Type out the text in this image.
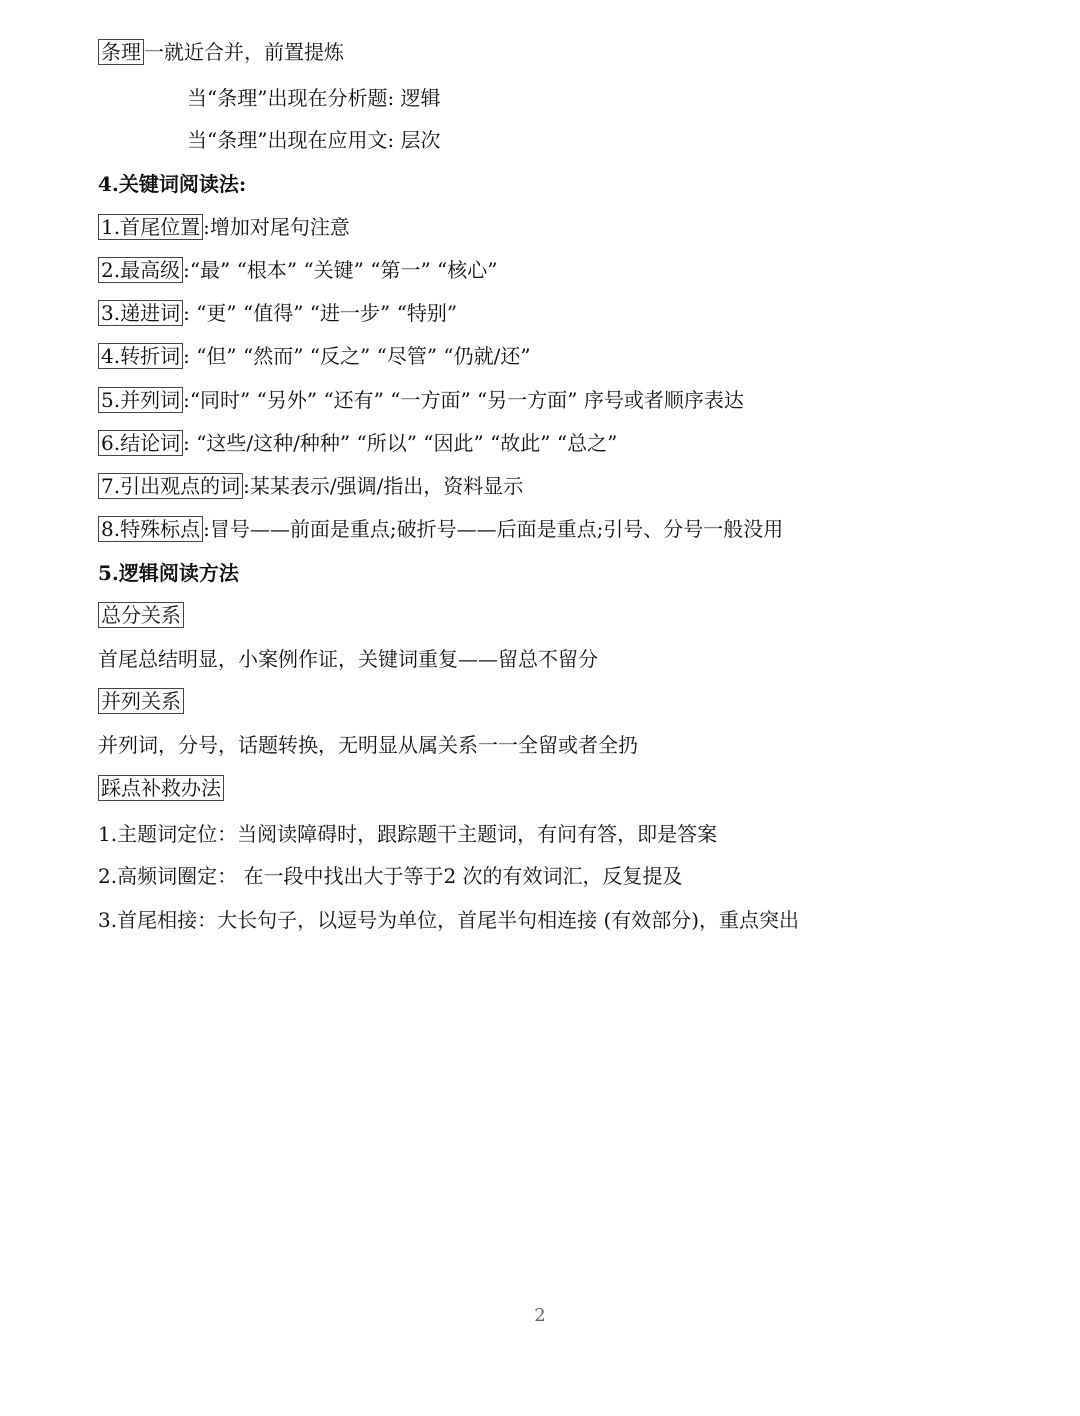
条理 一就近合并，前置提炼
当“条理”出现在分析题: 逻辑
当“条理”出现在应用文: 层次
4.关键词阅读法:
1.首尾位置 :增加对尾句注意
2.最高级 :“最” “根本” “关键” “第一” “核心”
3.递进词 : “更” “值得” “进一步” “特别”
4.转折词 : “但” “然而” “反之” “尽管” “仍就/还”
5.并列词 :“同时” “另外” “还有” “一方面” “另一方面” 序号或者顺序表达
6.结论词 : “这些/这种/种种” “所以” “因此” “故此” “总之”
7.引出观点的词 :某某表示/强调/指出，资料显示
8.特殊标点 :冒号——前面是重点;破折号——后面是重点;引号、分号一般没用
5.逻辑阅读方法
总分关系
首尾总结明显，小案例作证，关键词重复——留总不留分
并列关系
并列词，分号，话题转换，无明显从属关系一一全留或者全扔
踩点补救办法
1.主题词定位：当阅读障碍时，跟踪题干主题词，有问有答，即是答案
2.高频词圈定： 在一段中找出大于等于2 次的有效词汇，反复提及
3.首尾相接：大长句子，以逗号为单位，首尾半句相连接 (有效部分)，重点突出
2
